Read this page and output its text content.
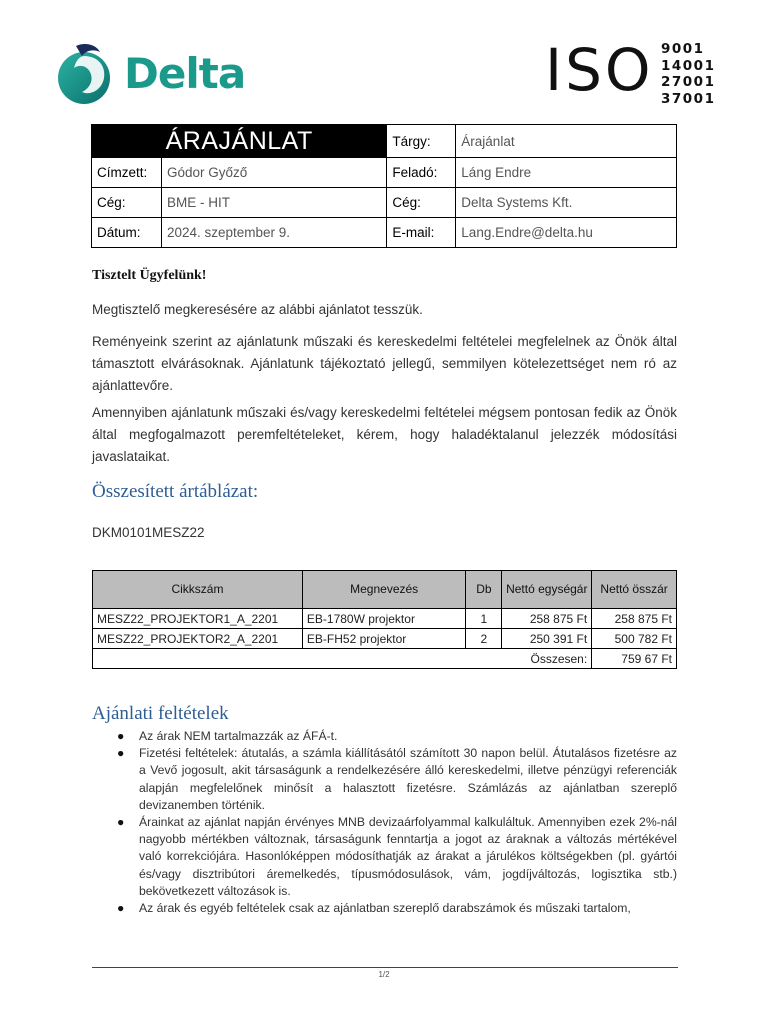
Delta	ISO 9001
14001
27001
37001
ÁRAJÁNLAT		Tárgy:	Árajánlat
Címzett:	Gódor Győző	Feladó:	Láng Endre
Cég:	BME - HIT	Cég:	Delta Systems Kft.
Dátum:	2024. szeptember 9.	E-mail:	Lang.Endre@delta.hu
Tisztelt Ügyfelünk!
Megtisztelő megkeresésére az alábbi ajánlatot tesszük.
Reményeink szerint az ajánlatunk műszaki és kereskedelmi feltételei megfelelnek az Önök által támasztott elvárásoknak. Ajánlatunk tájékoztató jellegű, semmilyen kötelezettséget nem ró az ajánlattevőre.
Amennyiben ajánlatunk műszaki és/vagy kereskedelmi feltételei mégsem pontosan fedik az Önök által megfogalmazott peremfeltételeket, kérem, hogy haladéktalanul jelezzék módosítási javaslataikat.
Összesített ártáblázat:
DKM0101MESZ22
Cikkszám	Megnevezés	Db	Nettó egységár	Nettó összár
MESZ22_PROJEKTOR1_A_2201	EB-1780W projektor	1	258 875 Ft	258 875 Ft
MESZ22_PROJEKTOR2_A_2201	EB-FH52 projektor	2	250 391 Ft	500 782 Ft
Összesen:				759 67 Ft
Ajánlati feltételek
● Az árak NEM tartalmazzák az ÁFÁ-t.
● Fizetési feltételek: átutalás, a számla kiállításától számított 30 napon belül. Átutalásos fizetésre az a Vevő jogosult, akit társaságunk a rendelkezésére álló kereskedelmi, illetve pénzügyi referenciák alapján megfelelőnek minősít a halasztott fizetésre. Számlázás az ajánlatban szereplő devizanemben történik.
● Árainkat az ajánlat napján érvényes MNB devizaárfolyammal kalkuláltuk. Amennyiben ezek 2%-nál nagyobb mértékben változnak, társaságunk fenntartja a jogot az áraknak a változás mértékével való korrekciójára. Hasonlóképpen módosíthatják az árakat a járulékos költségekben (pl. gyártói és/vagy disztribútori áremelkedés, típusmódosulások, vám, jogdíjváltozás, logisztika stb.) bekövetkezett változások is.
● Az árak és egyéb feltételek csak az ajánlatban szereplő darabszámok és műszaki tartalom,
1/2
